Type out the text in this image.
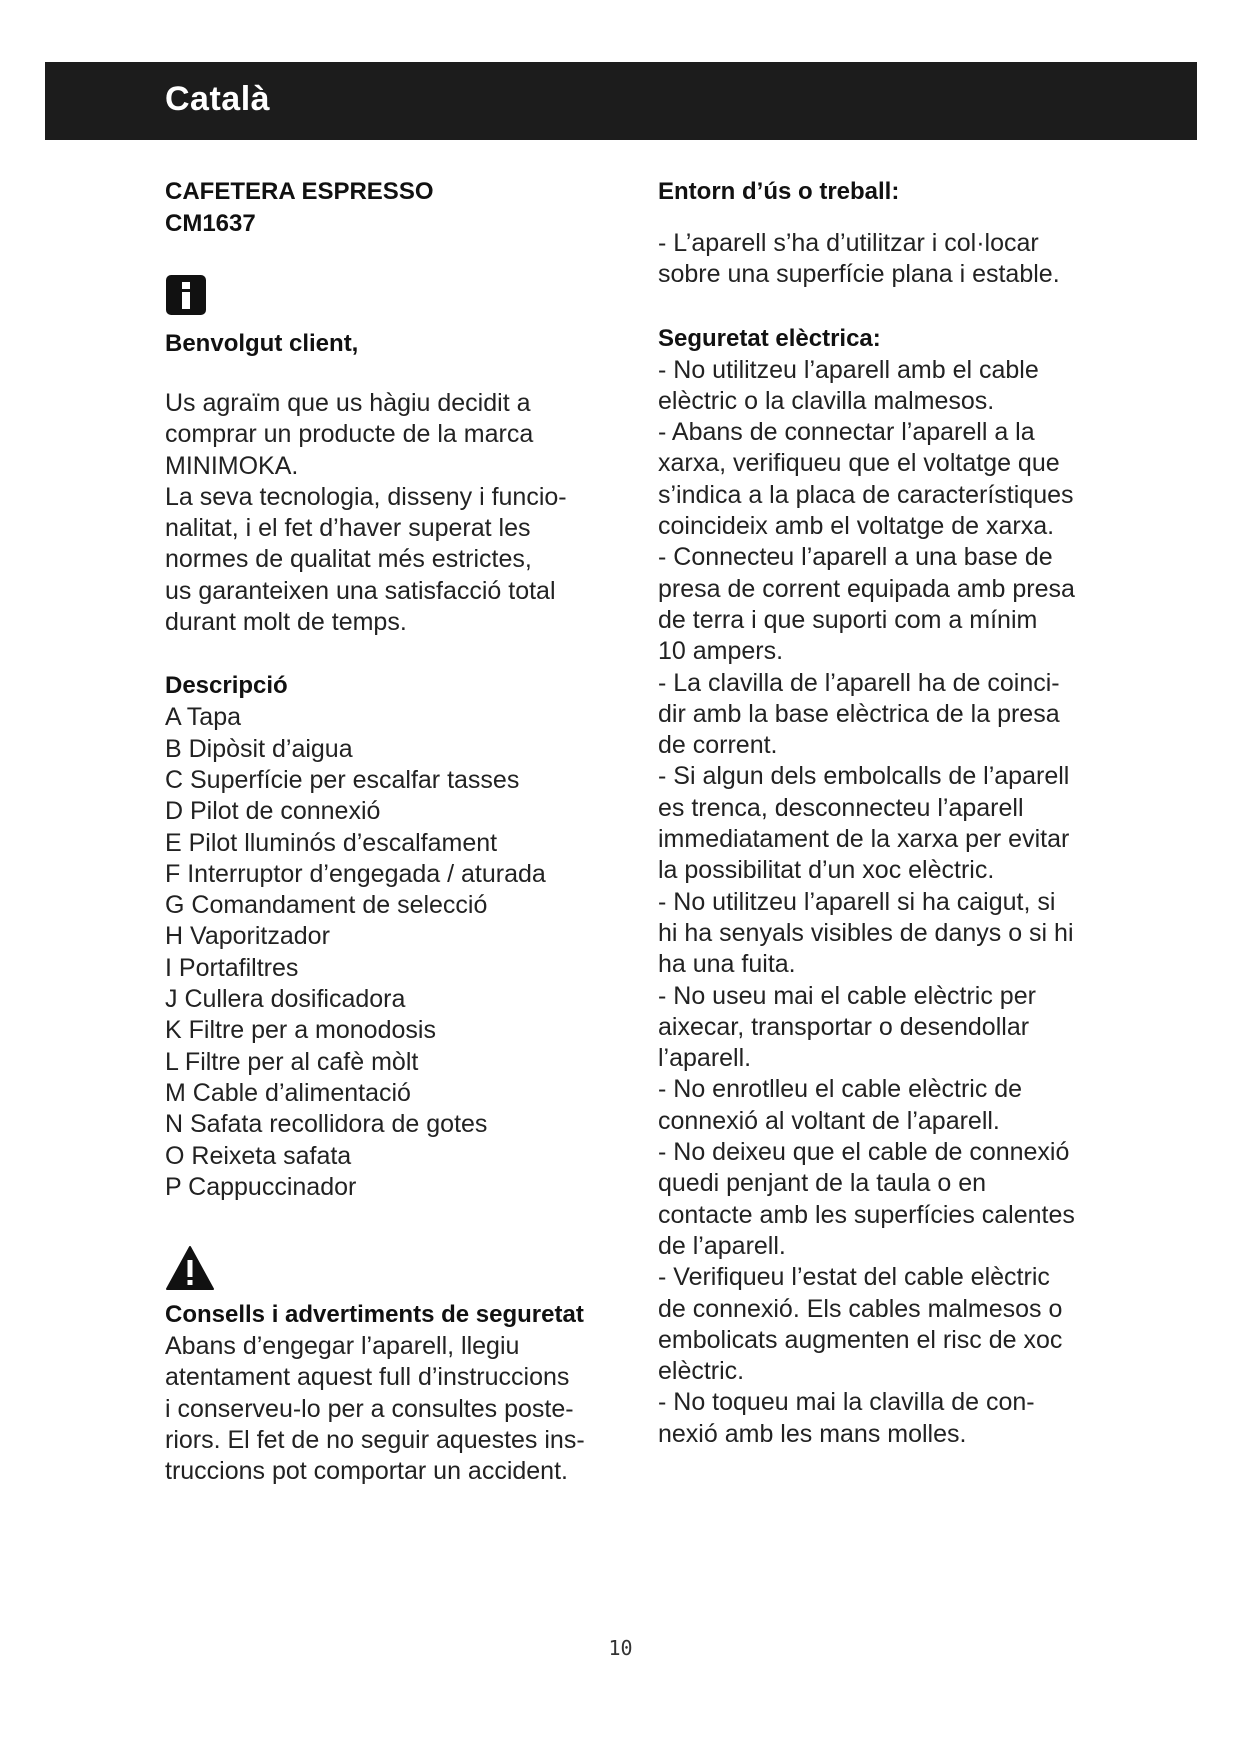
Català

CAFETERA ESPRESSO

CM1637

Benvolgut client,

Us agraïm que us hàgiu decidit a

comprar un producte de la marca

MINIMOKA.

La seva tecnologia, disseny i funcio-

nalitat, i el fet d’haver superat les

normes de qualitat més estrictes,

us garanteixen una satisfacció total

durant molt de temps.

Descripció

A Tapa

B Dipòsit d’aigua

C Superfície per escalfar tasses

D Pilot de connexió

E Pilot lluminós d’escalfament

F Interruptor d’engegada / aturada

G Comandament de selecció

H Vaporitzador

I Portafiltres

J Cullera dosificadora

K Filtre per a monodosis

L Filtre per al cafè mòlt

M Cable d’alimentació

N Safata recollidora de gotes

O Reixeta safata

P Cappuccinador

Consells i advertiments de seguretat

Abans d’engegar l’aparell, llegiu

atentament aquest full d’instruccions

i conserveu-lo per a consultes poste-

riors. El fet de no seguir aquestes ins-

truccions pot comportar un accident.

Entorn d’ús o treball:

- L’aparell s’ha d’utilitzar i col·locar

sobre una superfície plana i estable.

Seguretat elèctrica:

- No utilitzeu l’aparell amb el cable

elèctric o la clavilla malmesos.

- Abans de connectar l’aparell a la

xarxa, verifiqueu que el voltatge que

s’indica a la placa de característiques

coincideix amb el voltatge de xarxa.

- Connecteu l’aparell a una base de

presa de corrent equipada amb presa

de terra i que suporti com a mínim

10 ampers.

- La clavilla de l’aparell ha de coinci-

dir amb la base elèctrica de la presa

de corrent.

- Si algun dels embolcalls de l’aparell

es trenca, desconnecteu l’aparell

immediatament de la xarxa per evitar

la possibilitat d’un xoc elèctric.

- No utilitzeu l’aparell si ha caigut, si

hi ha senyals visibles de danys o si hi

ha una fuita.

- No useu mai el cable elèctric per

aixecar, transportar o desendollar

l’aparell.

- No enrotlleu el cable elèctric de

connexió al voltant de l’aparell.

- No deixeu que el cable de connexió

quedi penjant de la taula o en

contacte amb les superfícies calentes

de l’aparell.

- Verifiqueu l’estat del cable elèctric

de connexió. Els cables malmesos o

embolicats augmenten el risc de xoc

elèctric.

- No toqueu mai la clavilla de con-

nexió amb les mans molles.

10
